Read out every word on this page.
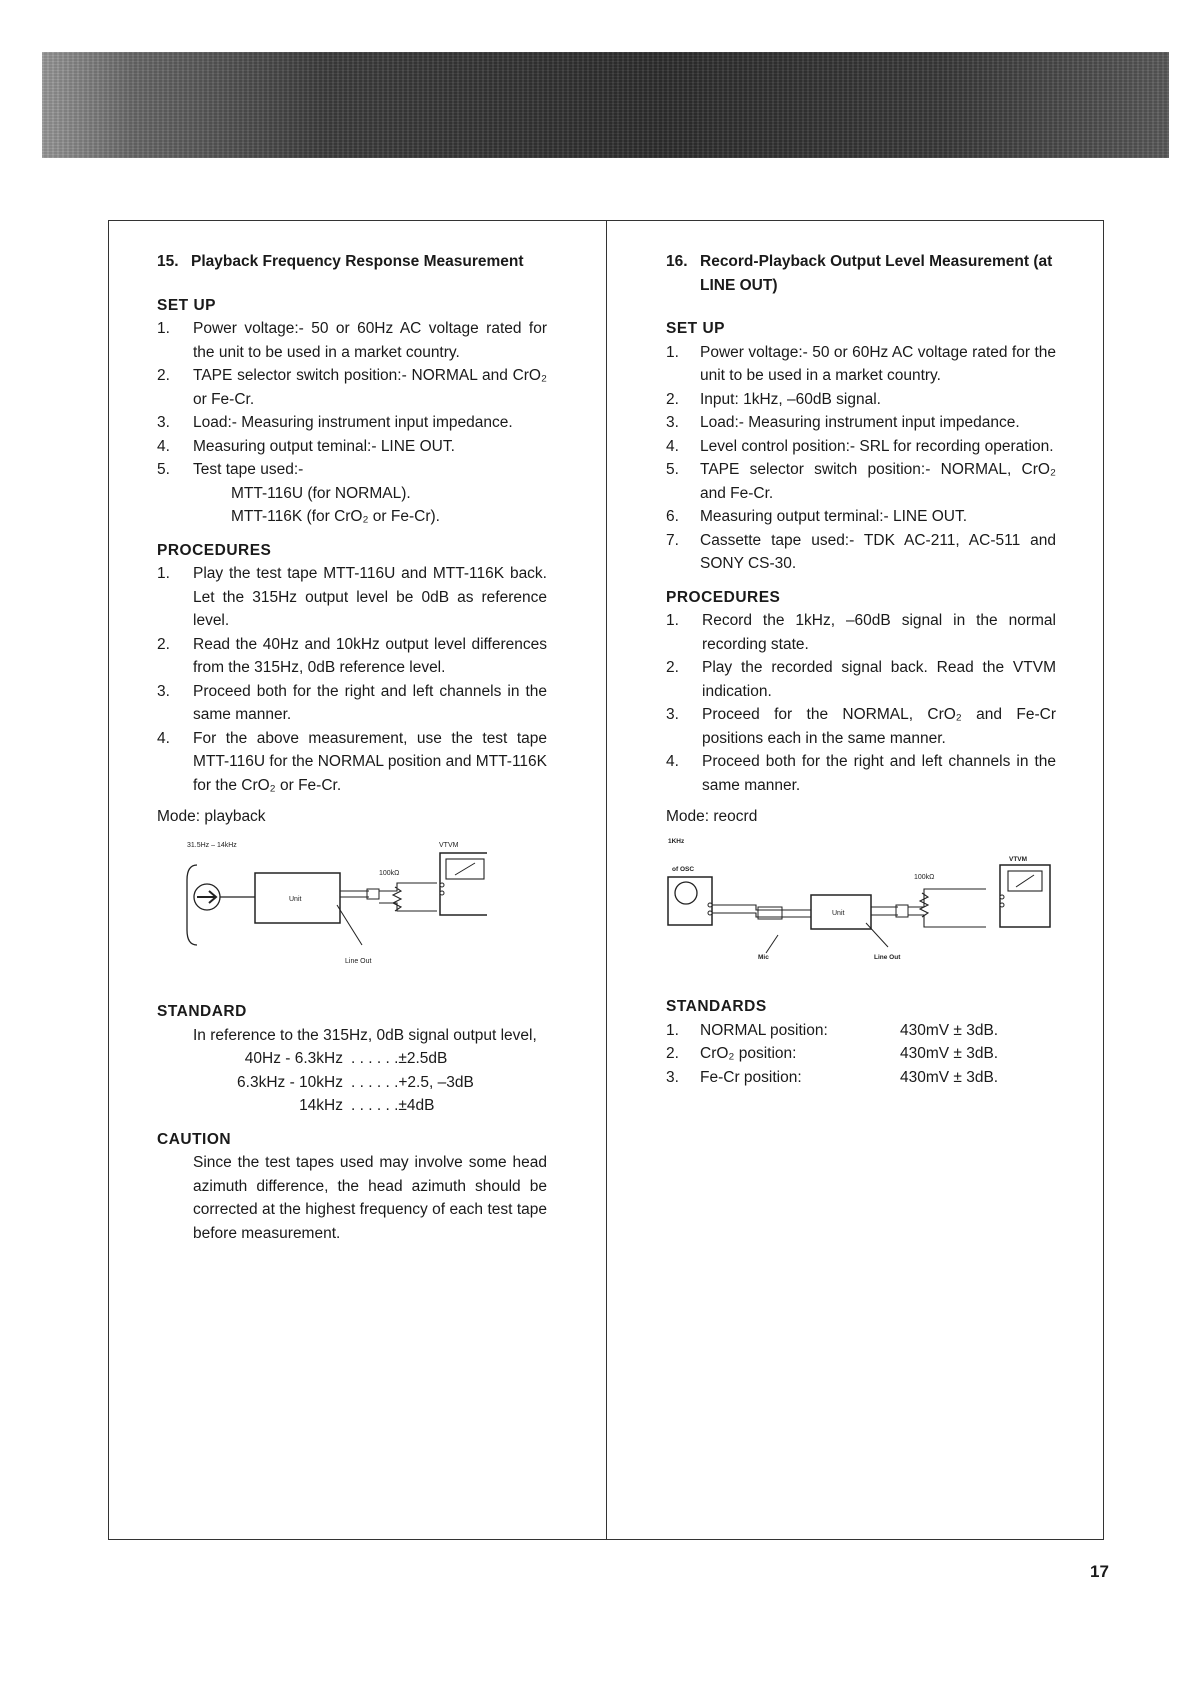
15. Playback Frequency Response Measurement
SET UP
1.	Power voltage:- 50 or 60Hz AC voltage rated for the unit to be used in a market country.
2.	TAPE selector switch position:- NORMAL and CrO₂ or Fe-Cr.
3.	Load:- Measuring instrument input impedance.
4.	Measuring output teminal:- LINE OUT.
5.	Test tape used:-
MTT-116U (for NORMAL).
MTT-116K (for CrO₂ or Fe-Cr).
PROCEDURES
1.	Play the test tape MTT-116U and MTT-116K back. Let the 315Hz output level be 0dB as reference level.
2.	Read the 40Hz and 10kHz output level differences from the 315Hz, 0dB reference level.
3.	Proceed both for the right and left channels in the same manner.
4.	For the above measurement, use the test tape MTT-116U for the NORMAL position and MTT-116K for the CrO₂ or Fe-Cr.
Mode: playback
31.5Hz – 14kHz	VTVM
Unit
100kΩ
Line Out
STANDARD
In reference to the 315Hz, 0dB signal output level,
40Hz - 6.3kHz . . . . . . ±2.5dB
6.3kHz - 10kHz . . . . . . +2.5, –3dB
14kHz . . . . . . ±4dB
CAUTION
Since the test tapes used may involve some head azimuth difference, the head azimuth should be corrected at the highest frequency of each test tape before measurement.
16. Record-Playback Output Level Measurement (at LINE OUT)
SET UP
1.	Power voltage:- 50 or 60Hz AC voltage rated for the unit to be used in a market country.
2.	Input: 1kHz, –60dB signal.
3.	Load:- Measuring instrument input impedance.
4.	Level control position:- SRL for recording operation.
5.	TAPE selector switch position:- NORMAL, CrO₂ and Fe-Cr.
6.	Measuring output terminal:- LINE OUT.
7.	Cassette tape used:- TDK AC-211, AC-511 and SONY CS-30.
PROCEDURES
1.	Record the 1kHz, –60dB signal in the normal recording state.
2.	Play the recorded signal back. Read the VTVM indication.
3.	Proceed for the NORMAL, CrO₂ and Fe-Cr positions each in the same manner.
4.	Proceed both for the right and left channels in the same manner.
Mode: reocrd
1KHz
of OSC
VTVM
Unit
100kΩ
Mic	Line Out
STANDARDS
1.	NORMAL position:	430mV ± 3dB.
2.	CrO₂ position:	430mV ± 3dB.
3.	Fe-Cr position:	430mV ± 3dB.
17
